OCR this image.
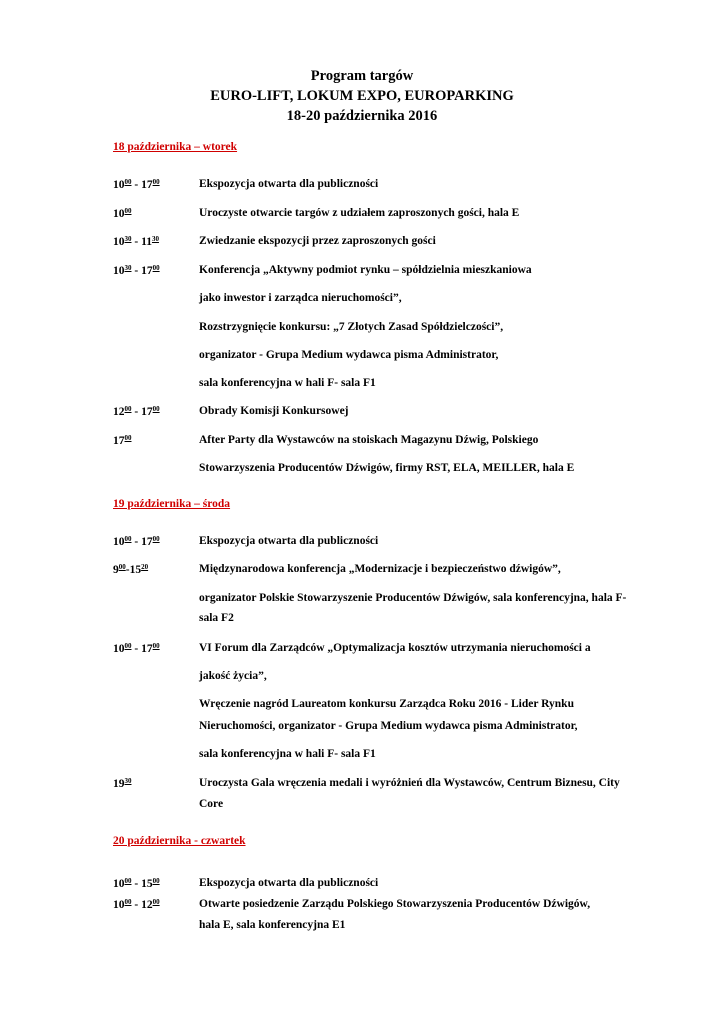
Program targów
EURO-LIFT, LOKUM EXPO, EUROPARKING
18-20 października 2016
18 października – wtorek
$10^{00} - 17^{00}$	Ekspozycja otwarta dla publiczności
$10^{00}$	Uroczyste otwarcie targów z udziałem zaproszonych gości, hala E
$10^{30} - 11^{30}$	Zwiedzanie ekspozycji przez zaproszonych gości
$10^{30} - 17^{00}$	Konferencja „Aktywny podmiot rynku – spółdzielnia mieszkaniowa
jako inwestor i zarządca nieruchomości”,
Rozstrzygnięcie konkursu: „7 Złotych Zasad Spółdzielczości”,
organizator - Grupa Medium wydawca pisma Administrator,
sala konferencyjna w hali F- sala F1
$12^{00} - 17^{00}$	Obrady Komisji Konkursowej
$17^{00}$	After Party dla Wystawców na stoiskach Magazynu Dźwig, Polskiego
Stowarzyszenia Producentów Dźwigów, firmy RST, ELA, MEILLER, hala E
19 października – środa
$10^{00} - 17^{00}$	Ekspozycja otwarta dla publiczności
$9^{00}-15^{20}$	Międzynarodowa konferencja „Modernizacje i bezpieczeństwo dźwigów”,
organizator Polskie Stowarzyszenie Producentów Dźwigów, sala konferencyjna, hala F-
sala F2
$10^{00} - 17^{00}$	VI Forum dla Zarządców „Optymalizacja kosztów utrzymania nieruchomości a
jakość życia”,
Wręczenie nagród Laureatom konkursu Zarządca Roku 2016 - Lider Rynku
Nieruchomości, organizator - Grupa Medium wydawca pisma Administrator,
sala konferencyjna w hali F- sala F1
$19^{30}$	Uroczysta Gala wręczenia medali i wyróżnień dla Wystawców, Centrum Biznesu, City
Core
20 października - czwartek
$10^{00} - 15^{00}$	Ekspozycja otwarta dla publiczności
$10^{00} - 12^{00}$	Otwarte posiedzenie Zarządu Polskiego Stowarzyszenia Producentów Dźwigów,
hala E, sala konferencyjna E1
